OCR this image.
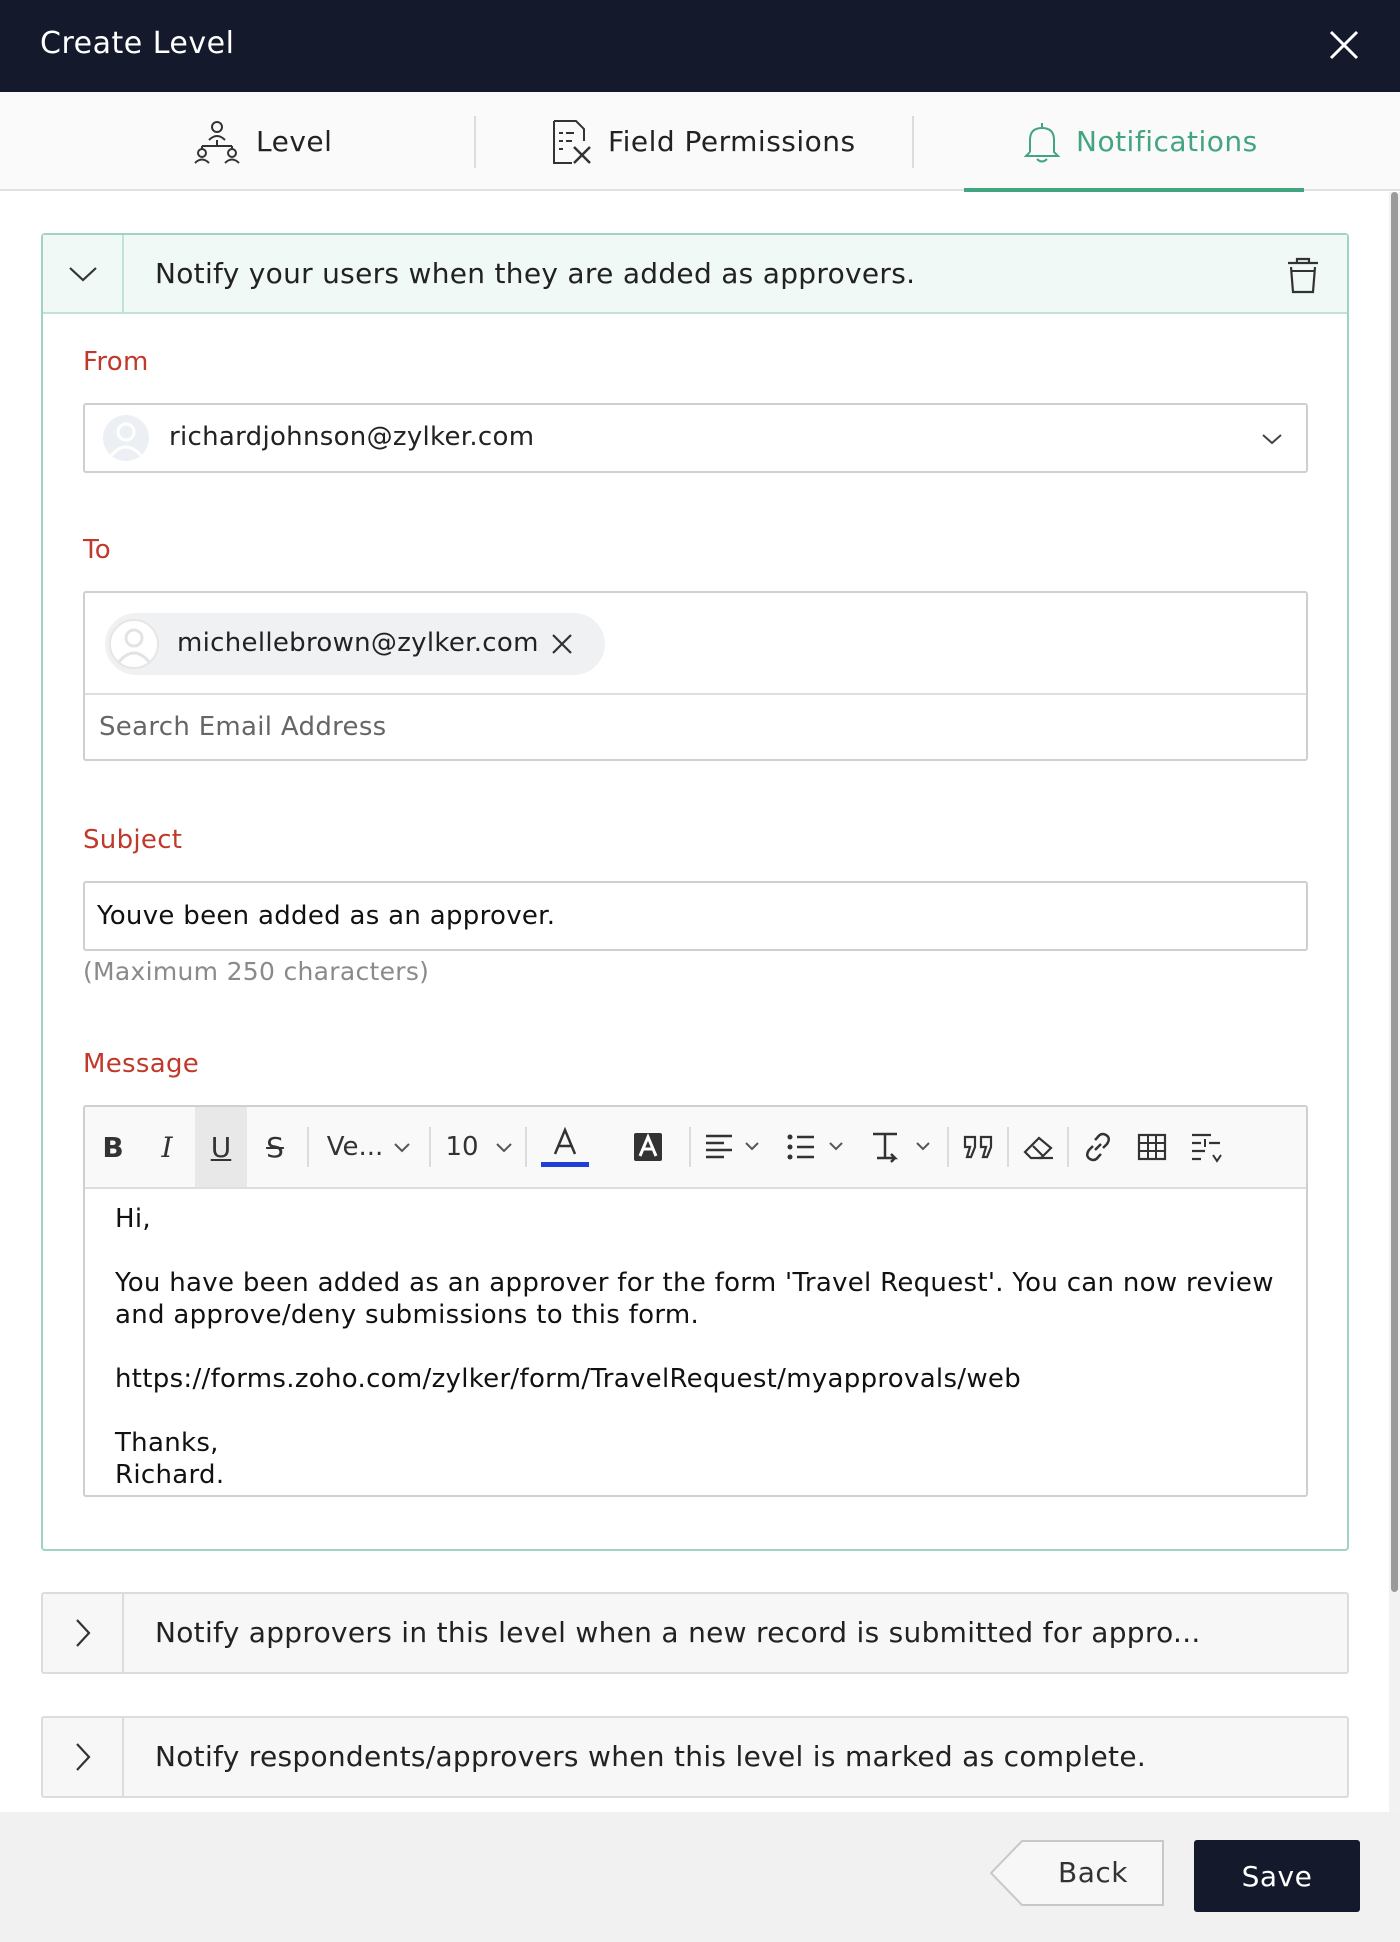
Create Level
Level	Field Permissions	Notifications
Notify your users when they are added as approvers.
From
richardjohnson@zylker.com
To
michellebrown@zylker.com
Search Email Address
Subject
Youve been added as an approver.
(Maximum 250 characters)
Message
B	I	U	S	Ve... 10

Hi,

You have been added as an approver for the form 'Travel Request'. You can now review and approve/deny submissions to this form.

https://forms.zoho.com/zylker/form/TravelRequest/myapprovals/web

Thanks,

Richard.

Notify approvers in this level when a new record is submitted for appro...
Notify respondents/approvers when this level is marked as complete.
Back	Save
